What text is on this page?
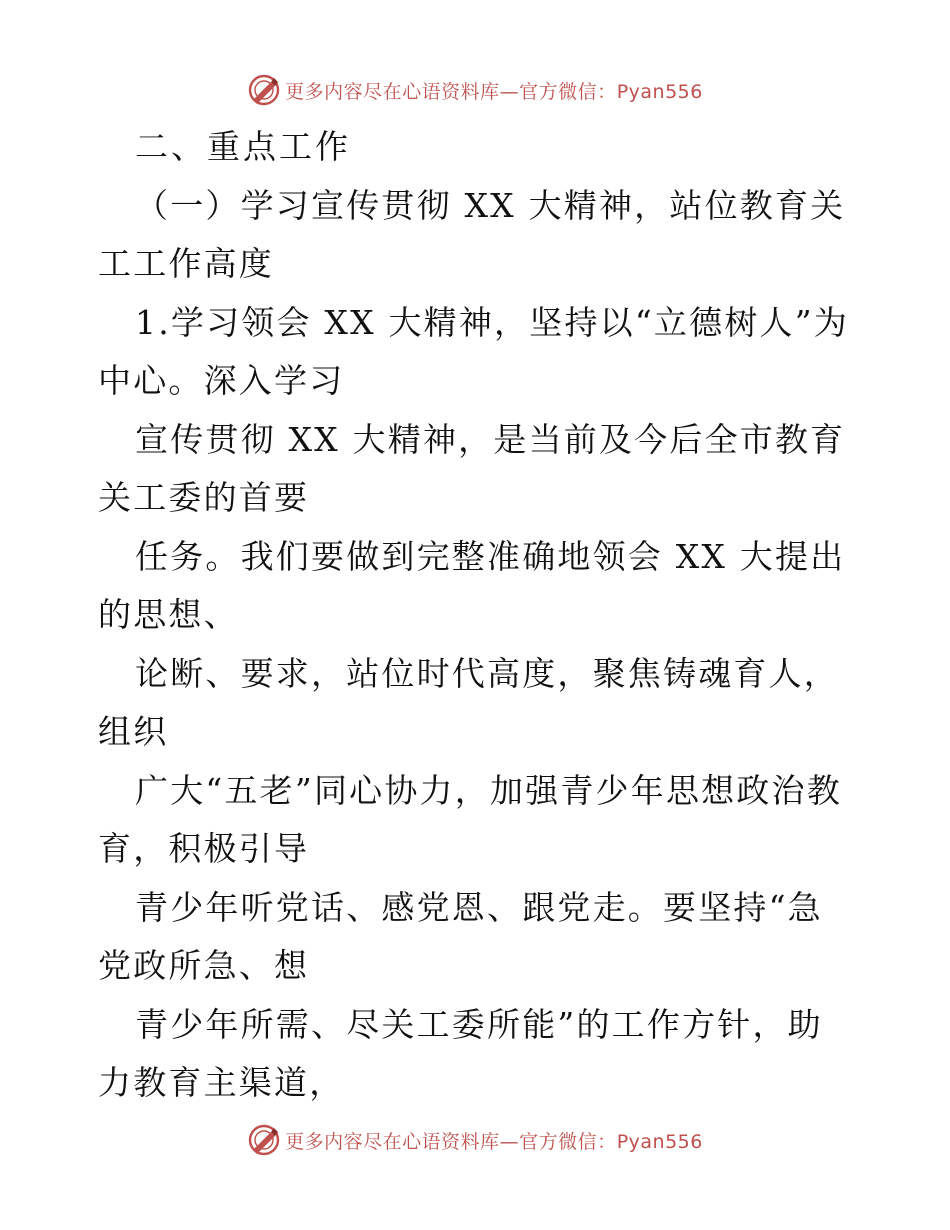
更多内容尽在心语资料库—官方微信：Pyan556

二、重点工作

（一）学习宣传贯彻 XX 大精神，站位教育关工工作高度

1.学习领会 XX 大精神，坚持以“立德树人”为中心。深入学习

宣传贯彻 XX 大精神，是当前及今后全市教育关工委的首要

任务。我们要做到完整准确地领会 XX 大提出的思想、

论断、要求，站位时代高度，聚焦铸魂育人，组织

广大“五老”同心协力，加强青少年思想政治教育，积极引导

青少年听党话、感党恩、跟党走。要坚持“急党政所急、想

青少年所需、尽关工委所能”的工作方针，助力教育主渠道，

更多内容尽在心语资料库—官方微信：Pyan556
